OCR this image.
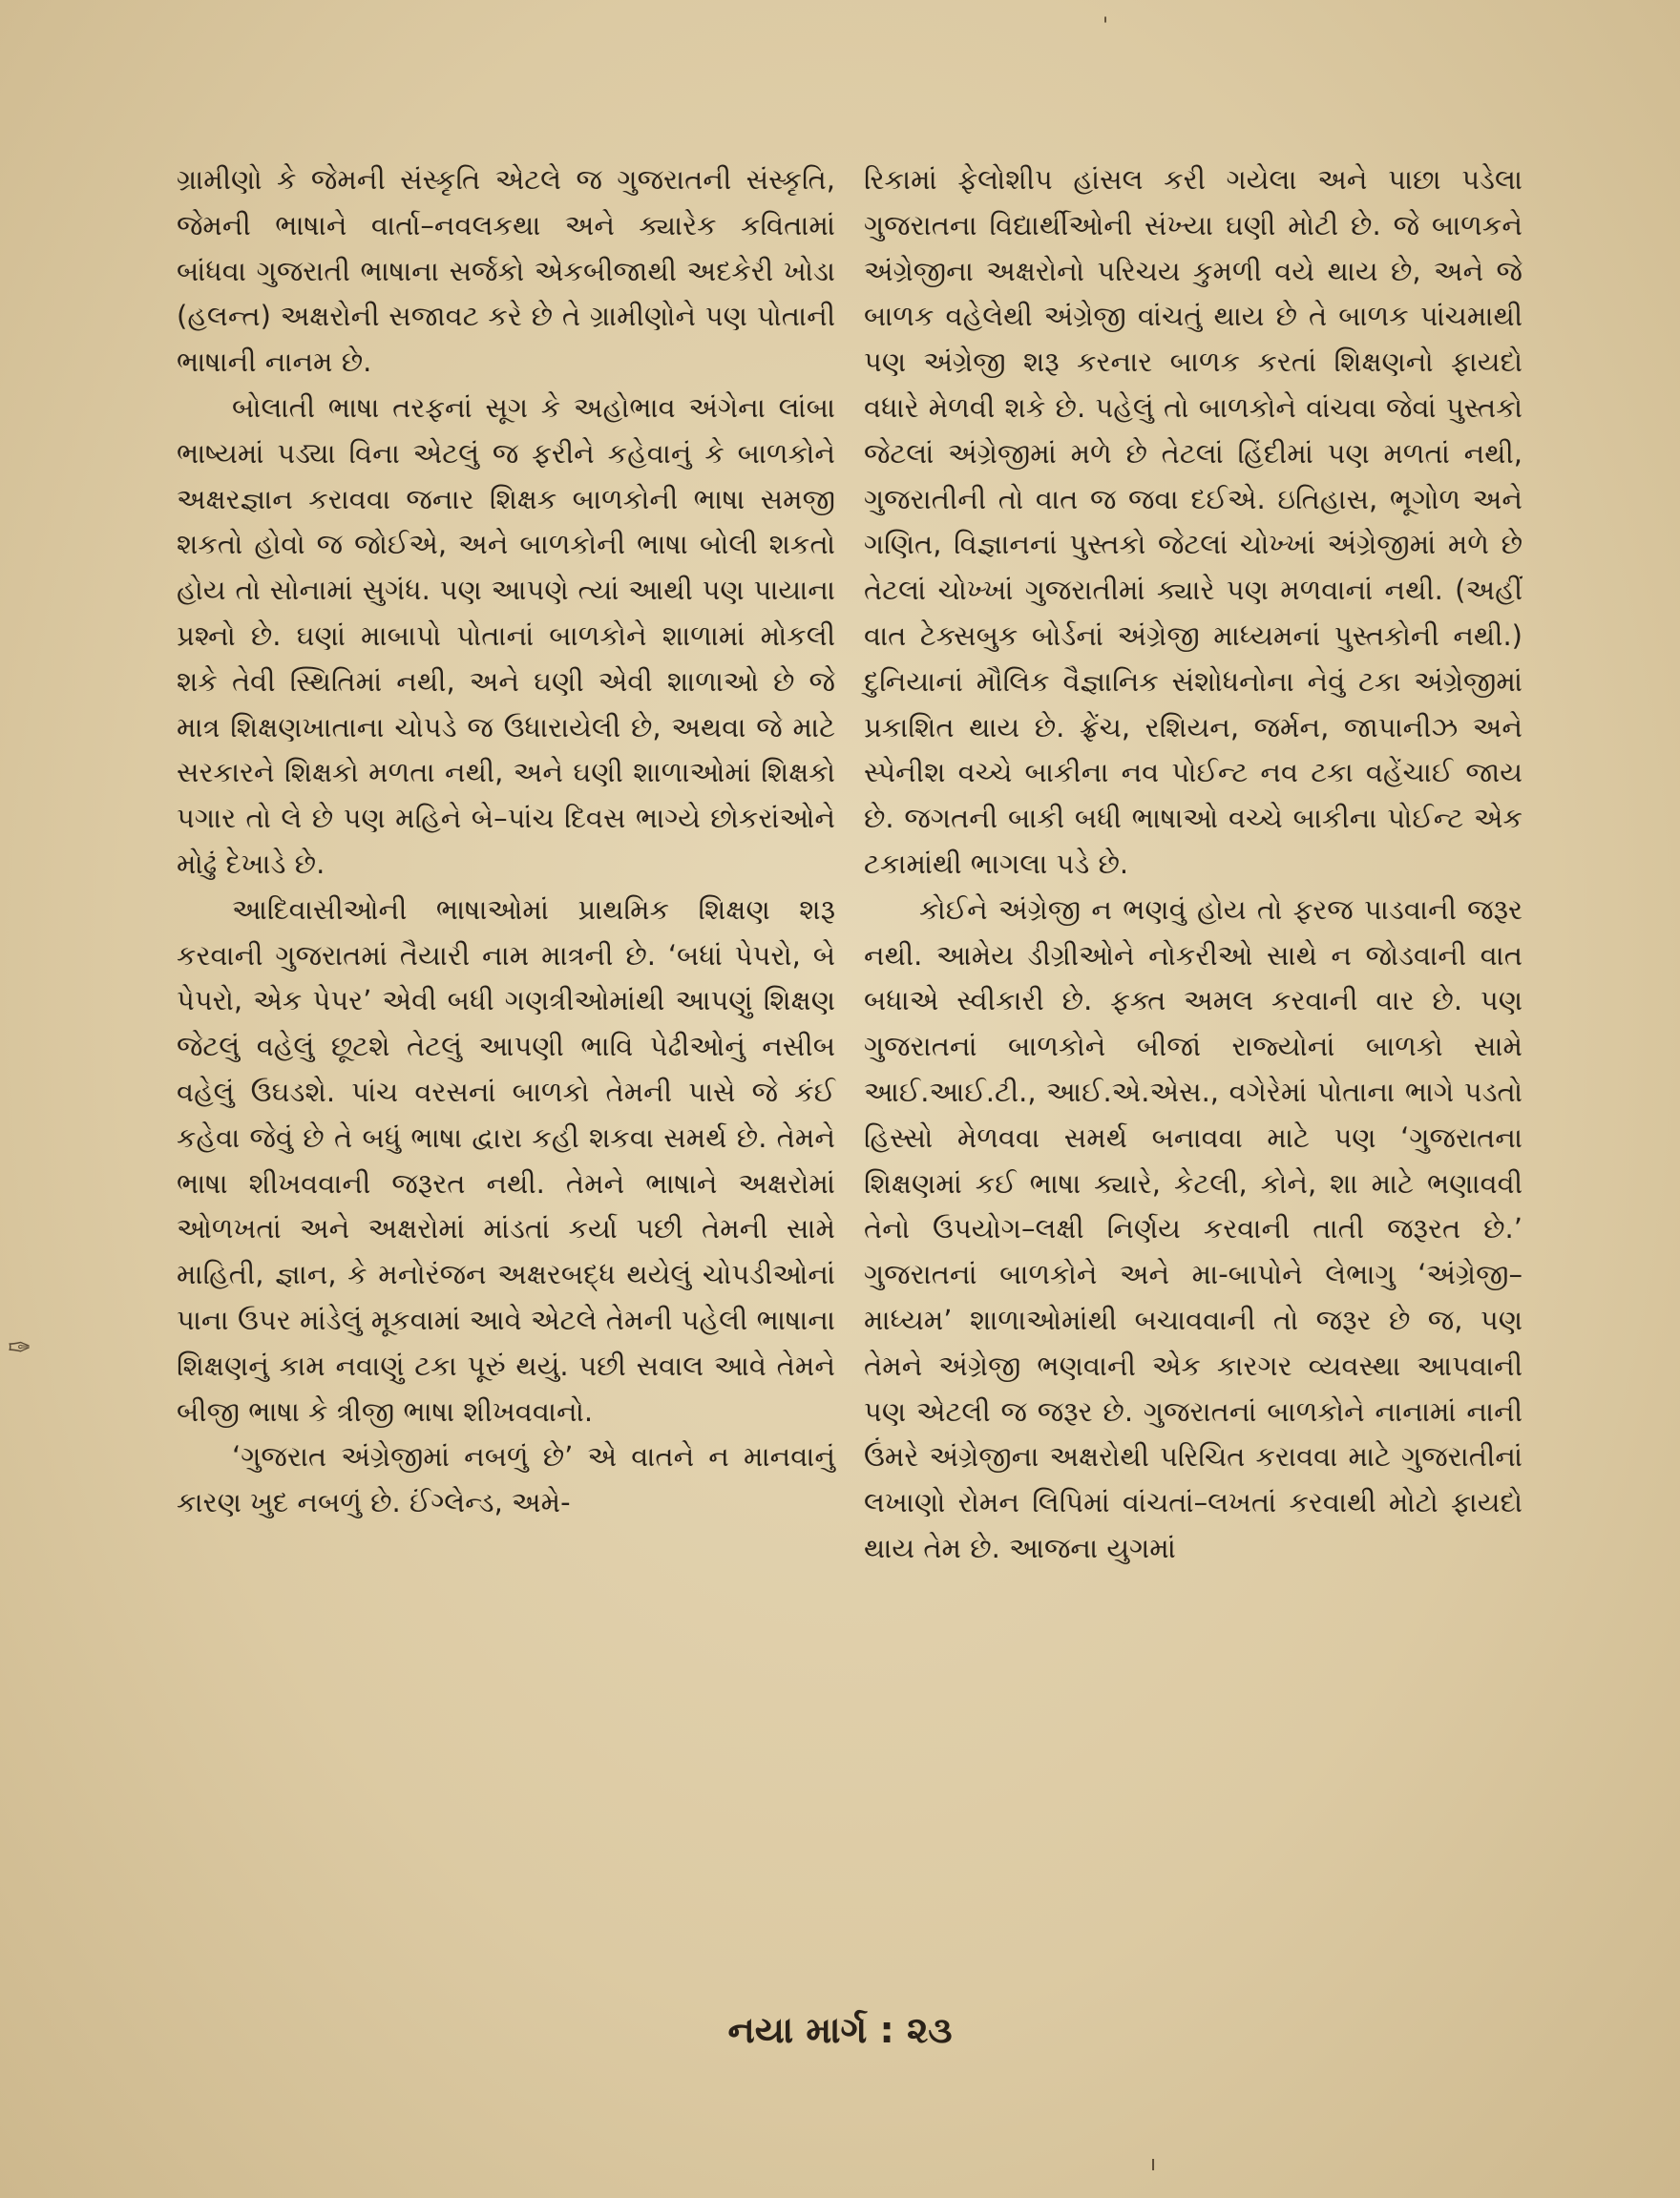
'
✑

ગ્રામીણો કે જેમની સંસ્કૃતિ એટલે જ ગુજરાતની સંસ્કૃતિ, જેમની ભાષાને વાર્તા–નવલકથા અને ક્યારેક કવિતામાં બાંધવા ગુજરાતી ભાષાના સર્જકો એકબીજાથી અદકેરી ખોડા (હલન્ત) અક્ષરોની સજાવટ કરે છે તે ગ્રામીણોને પણ પોતાની ભાષાની નાનમ છે.

બોલાતી ભાષા તરફનાં સૂગ કે અહોભાવ અંગેના લાંબા ભાષ્યમાં પડ્યા વિના એટલું જ ફરીને કહેવાનું કે બાળકોને અક્ષરજ્ઞાન કરાવવા જનાર શિક્ષક બાળકોની ભાષા સમજી શકતો હોવો જ જોઈએ, અને બાળકોની ભાષા બોલી શકતો હોય તો સોનામાં સુગંધ. પણ આપણે ત્યાં આથી પણ પાયાના પ્રશ્નો છે. ઘણાં માબાપો પોતાનાં બાળકોને શાળામાં મોકલી શકે તેવી સ્થિતિમાં નથી, અને ઘણી એવી શાળાઓ છે જે માત્ર શિક્ષણખાતાના ચોપડે જ ઉધારાયેલી છે, અથવા જે માટે સરકારને શિક્ષકો મળતા નથી, અને ઘણી શાળાઓમાં શિક્ષકો પગાર તો લે છે પણ મહિને બે–પાંચ દિવસ ભાગ્યે છોકરાંઓને મોઢું દેખાડે છે.

આદિવાસીઓની ભાષાઓમાં પ્રાથમિક શિક્ષણ શરૂ કરવાની ગુજરાતમાં તૈયારી નામ માત્રની છે. ‘બધાં પેપરો, બે પેપરો, એક પેપર’ એવી બધી ગણત્રીઓમાંથી આપણું શિક્ષણ જેટલું વહેલું છૂટશે તેટલું આપણી ભાવિ પેઢીઓનું નસીબ વહેલું ઉઘડશે. પાંચ વરસનાં બાળકો તેમની પાસે જે કંઈ કહેવા જેવું છે તે બધું ભાષા દ્વારા કહી શકવા સમર્થ છે. તેમને ભાષા શીખવવાની જરૂરત નથી. તેમને ભાષાને અક્ષરોમાં ઓળખતાં અને અક્ષરોમાં માંડતાં કર્યા પછી તેમની સામે માહિતી, જ્ઞાન, કે મનોરંજન અક્ષરબદ્ધ થયેલું ચોપડીઓનાં પાના ઉપર માંડેલું મૂકવામાં આવે એટલે તેમની પહેલી ભાષાના શિક્ષણનું કામ નવાણું ટકા પૂરું થયું. પછી સવાલ આવે તેમને બીજી ભાષા કે ત્રીજી ભાષા શીખવવાનો.

‘ગુજરાત અંગ્રેજીમાં નબળું છે’ એ વાતને ન માનવાનું કારણ ખુદ નબળું છે. ઈંગ્લેન્ડ, અમે-

રિકામાં ફેલોશીપ હાંસલ કરી ગયેલા અને પાછા પડેલા ગુજરાતના વિદ્યાર્થીઓની સંખ્યા ઘણી મોટી છે. જે બાળકને અંગ્રેજીના અક્ષરોનો પરિચય કુમળી વયે થાય છે, અને જે બાળક વહેલેથી અંગ્રેજી વાંચતું થાય છે તે બાળક પાંચમાથી પણ અંગ્રેજી શરૂ કરનાર બાળક કરતાં શિક્ષણનો ફાયદો વધારે મેળવી શકે છે. પહેલું તો બાળકોને વાંચવા જેવાં પુસ્તકો જેટલાં અંગ્રેજીમાં મળે છે તેટલાં હિંદીમાં પણ મળતાં નથી, ગુજરાતીની તો વાત જ જવા દઈએ. ઇતિહાસ, ભૂગોળ અને ગણિત, વિજ્ઞાનનાં પુસ્તકો જેટલાં ચોખ્ખાં અંગ્રેજીમાં મળે છે તેટલાં ચોખ્ખાં ગુજરાતીમાં ક્યારે પણ મળવાનાં નથી. (અહીં વાત ટેક્સબુક બોર્ડનાં અંગ્રેજી માધ્યમનાં પુસ્તકોની નથી.) દુનિયાનાં મૌલિક વૈજ્ઞાનિક સંશોધનોના નેવું ટકા અંગ્રેજીમાં પ્રકાશિત થાય છે. ફ્રેંચ, રશિયન, જર્મન, જાપાનીઝ અને સ્પેનીશ વચ્ચે બાકીના નવ પોઈન્ટ નવ ટકા વહેંચાઈ જાય છે. જગતની બાકી બધી ભાષાઓ વચ્ચે બાકીના પોઈન્ટ એક ટકામાંથી ભાગલા પડે છે.

કોઈને અંગ્રેજી ન ભણવું હોય તો ફરજ પાડવાની જરૂર નથી. આમેય ડીગ્રીઓને નોકરીઓ સાથે ન જોડવાની વાત બધાએ સ્વીકારી છે. ફક્ત અમલ કરવાની વાર છે. પણ ગુજરાતનાં બાળકોને બીજાં રાજ્યોનાં બાળકો સામે આઈ.આઈ.ટી., આઈ.એ.એસ., વગેરેમાં પોતાના ભાગે પડતો હિસ્સો મેળવવા સમર્થ બનાવવા માટે પણ ‘ગુજરાતના શિક્ષણમાં કઈ ભાષા ક્યારે, કેટલી, કોને, શા માટે ભણાવવી તેનો ઉપયોગ–લક્ષી નિર્ણય કરવાની તાતી જરૂરત છે.’ ગુજરાતનાં બાળકોને અને મા-બાપોને લેભાગુ ‘અંગ્રેજી–માધ્યમ’ શાળાઓમાંથી બચાવવાની તો જરૂર છે જ, પણ તેમને અંગ્રેજી ભણવાની એક કારગર વ્યવસ્થા આપવાની પણ એટલી જ જરૂર છે. ગુજરાતનાં બાળકોને નાનામાં નાની ઉંમરે અંગ્રેજીના અક્ષરોથી પરિચિત કરાવવા માટે ગુજરાતીનાં લખાણો રોમન લિપિમાં વાંચતાં–લખતાં કરવાથી મોટો ફાયદો થાય તેમ છે. આજના યુગમાં

નયા માર્ગ : ૨૩
ı
